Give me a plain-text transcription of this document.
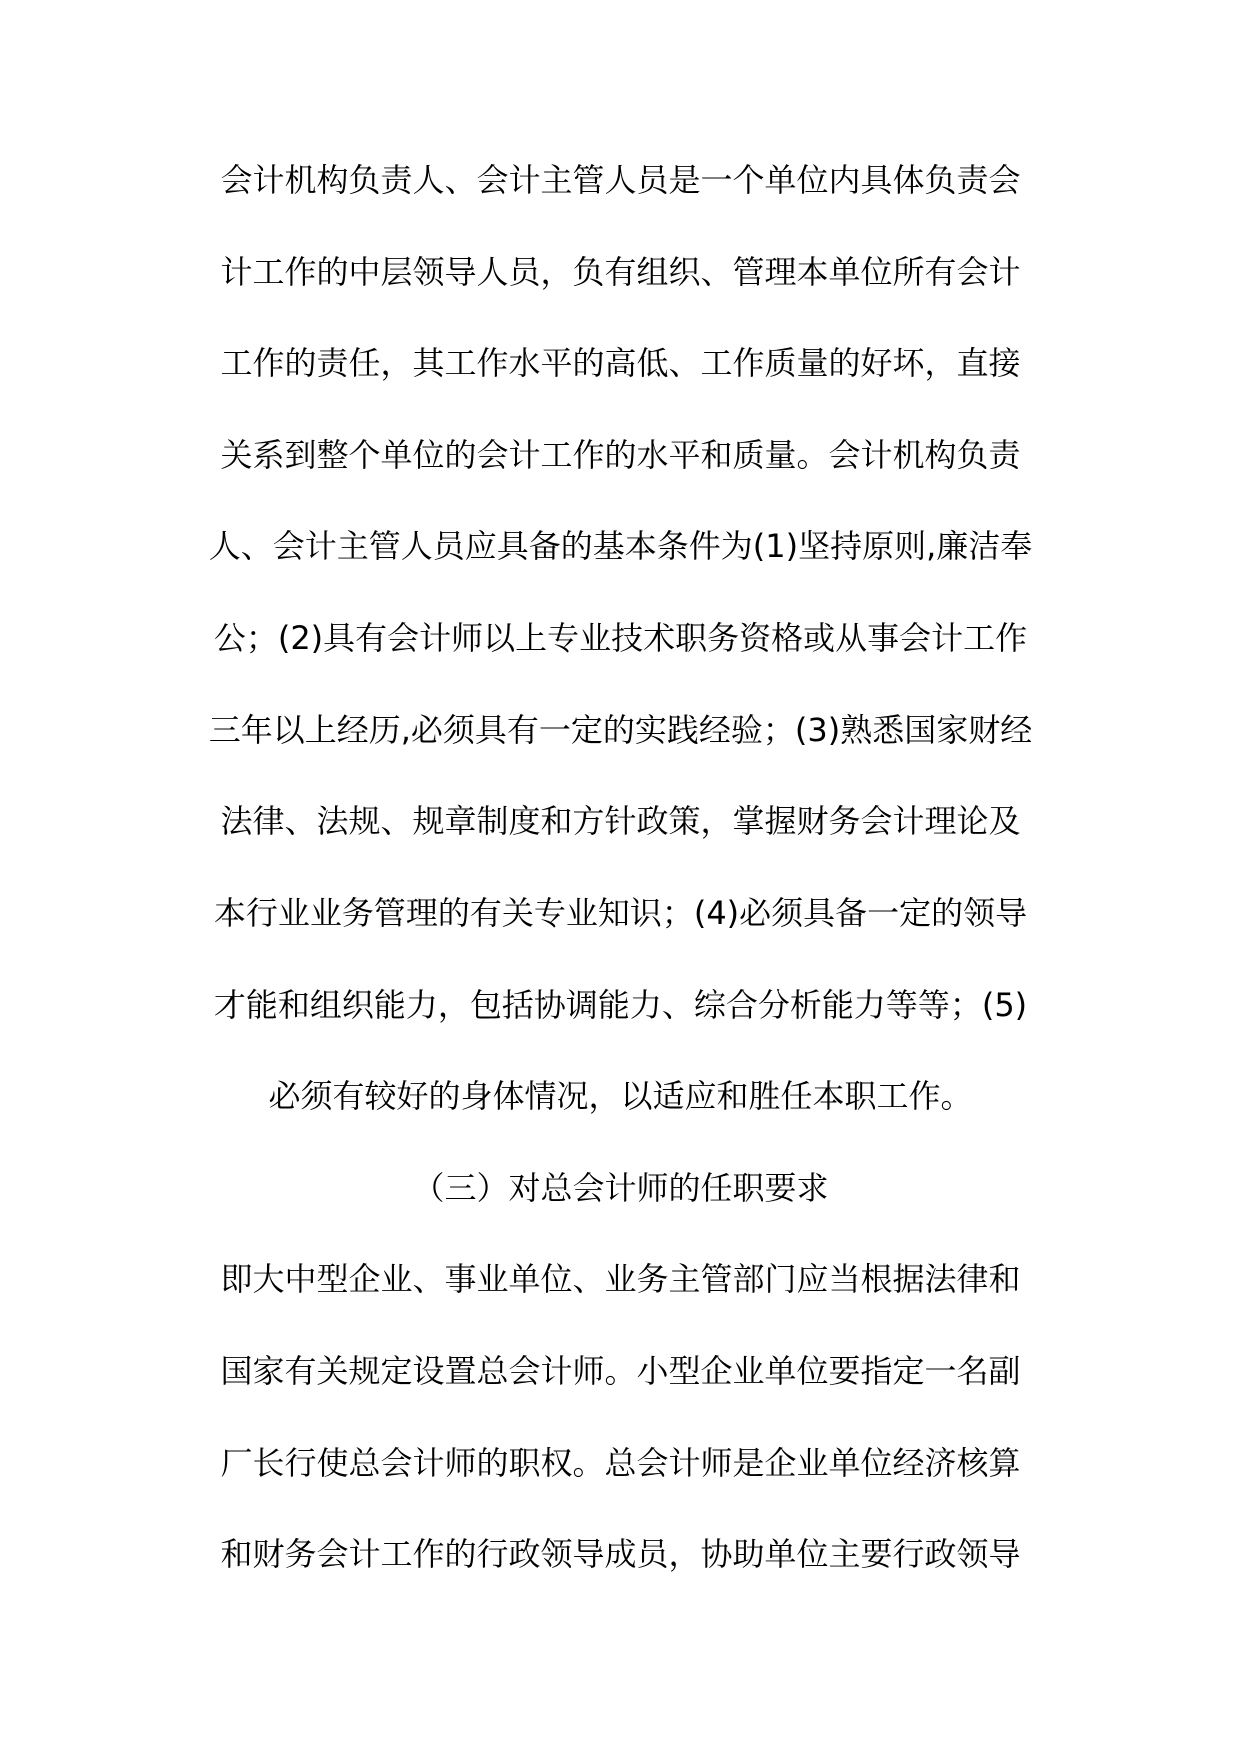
会计机构负责人、会计主管人员是一个单位内具体负责会
计工作的中层领导人员，负有组织、管理本单位所有会计
工作的责任，其工作水平的高低、工作质量的好坏，直接
关系到整个单位的会计工作的水平和质量。会计机构负责
人、会计主管人员应具备的基本条件为(1)坚持原则,廉洁奉
公；(2)具有会计师以上专业技术职务资格或从事会计工作
三年以上经历,必须具有一定的实践经验；(3)熟悉国家财经
法律、法规、规章制度和方针政策，掌握财务会计理论及
本行业业务管理的有关专业知识；(4)必须具备一定的领导
才能和组织能力，包括协调能力、综合分析能力等等；(5)
必须有较好的身体情况，以适应和胜任本职工作。
（三）对总会计师的任职要求
即大中型企业、事业单位、业务主管部门应当根据法律和
国家有关规定设置总会计师。小型企业单位要指定一名副
厂长行使总会计师的职权。总会计师是企业单位经济核算
和财务会计工作的行政领导成员，协助单位主要行政领导
